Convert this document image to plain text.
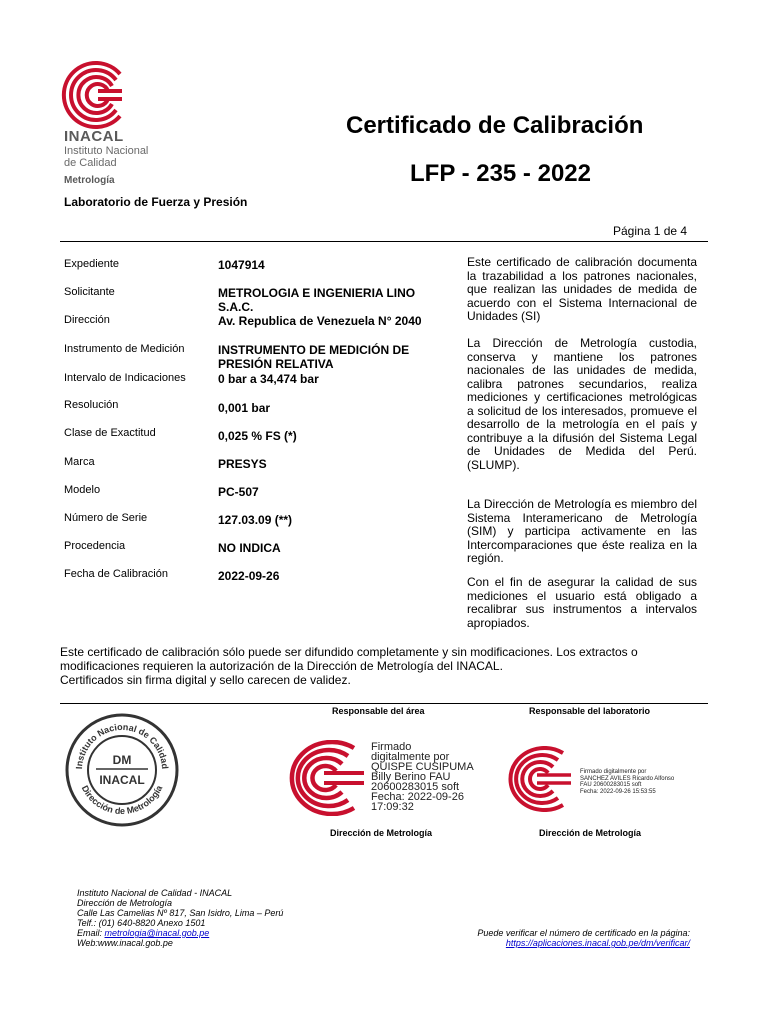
INACAL
Instituto Nacional
de Calidad
Metrología
Certificado de Calibración
LFP - 235 - 2022
Laboratorio de Fuerza y Presión
Página 1 de 4
Expediente	1047914
Solicitante	METROLOGIA E INGENIERIA LINO S.A.C.
Dirección	Av. Republica de Venezuela N° 2040
Instrumento de Medición	INSTRUMENTO DE MEDICIÓN DE PRESIÓN RELATIVA
Intervalo de Indicaciones	0 bar a 34,474 bar
Resolución	0,001 bar
Clase de Exactitud	0,025 % FS (*)
Marca	PRESYS
Modelo	PC-507
Número de Serie	127.03.09 (**)
Procedencia	NO INDICA
Fecha de Calibración	2022-09-26
Este certificado de calibración documenta la trazabilidad a los patrones nacionales, que realizan las unidades de medida de acuerdo con el Sistema Internacional de Unidades (SI)
La Dirección de Metrología custodia, conserva y mantiene los patrones nacionales de las unidades de medida, calibra patrones secundarios, realiza mediciones y certificaciones metrológicas a solicitud de los interesados, promueve el desarrollo de la metrología en el país y contribuye a la difusión del Sistema Legal de Unidades de Medida del Perú. (SLUMP).
La Dirección de Metrología es miembro del Sistema Interamericano de Metrología (SIM) y participa activamente en las Intercomparaciones que éste realiza en la región.
Con el fin de asegurar la calidad de sus mediciones el usuario está obligado a recalibrar sus instrumentos a intervalos apropiados.
Este certificado de calibración sólo puede ser difundido completamente y sin modificaciones. Los extractos o modificaciones requieren la autorización de la Dirección de Metrología del INACAL.
Certificados sin firma digital y sello carecen de validez.
Instituto Nacional de Calidad
Dirección de Metrología
DM
INACAL
Responsable del área	Responsable del laboratorio
Firmado
digitalmente por
QUISPE CUSIPUMA
Billy Berino FAU
20600283015 soft
Fecha: 2022-09-26
17:09:32
Firmado digitalmente por
SANCHEZ AVILES Ricardo Alfonso
FAU 20600283015 soft
Fecha: 2022-09-26 15:53:55
Dirección de Metrología	Dirección de Metrología
Instituto Nacional de Calidad - INACAL
Dirección de Metrología
Calle Las Camelias Nº 817, San Isidro, Lima – Perú
Telf.: (01) 640-8820 Anexo 1501
Email: metrologia@inacal.gob.pe
Web:www.inacal.gob.pe
Puede verificar el número de certificado en la página:
https://aplicaciones.inacal.gob.pe/dm/verificar/
